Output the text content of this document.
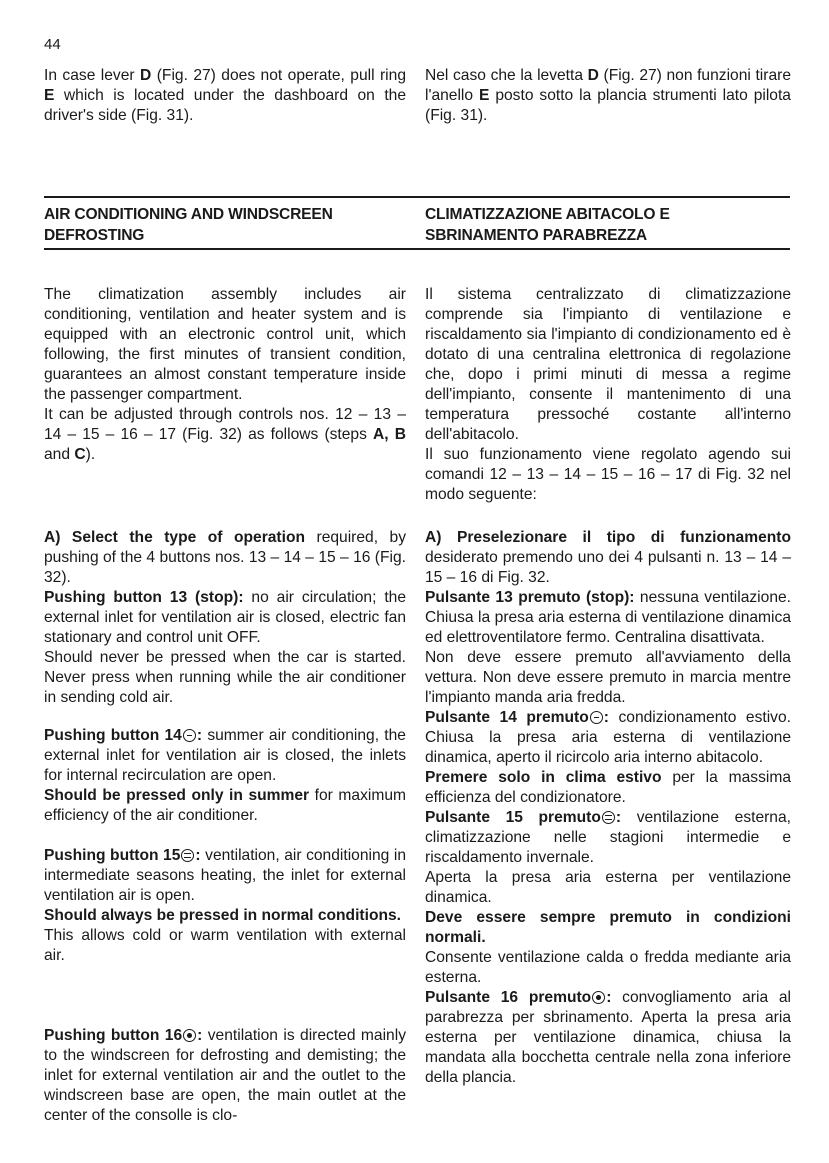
44

In case lever D (Fig. 27) does not operate, pull ring E which is located under the dashboard on the driver's side (Fig. 31).

Nel caso che la levetta D (Fig. 27) non funzioni tirare l'anello E posto sotto la plancia strumenti lato pilota (Fig. 31).

AIR CONDITIONING AND WINDSCREEN
DEFROSTING
CLIMATIZZAZIONE ABITACOLO E
SBRINAMENTO PARABREZZA

The climatization assembly includes air conditioning, ventilation and heater system and is equipped with an electronic control unit, which following, the first minutes of transient condition, guarantees an almost constant temperature inside the passenger compartment.

It can be adjusted through controls nos. 12 – 13 – 14 – 15 – 16 – 17 (Fig. 32) as follows (steps A, B and C).

A) Select the type of operation required, by pushing of the 4 buttons nos. 13 – 14 – 15 – 16 (Fig. 32).

Pushing button 13 (stop): no air circulation; the external inlet for ventilation air is closed, electric fan stationary and control unit OFF.

Should never be pressed when the car is started. Never press when running while the air conditioner in sending cold air.

Pushing button 14 : summer air conditioning, the external inlet for ventilation air is closed, the inlets for internal recirculation are open.

Should be pressed only in summer for maximum efficiency of the air conditioner.

Pushing button 15 : ventilation, air conditioning in intermediate seasons heating, the inlet for external ventilation air is open.

Should always be pressed in normal conditions.

This allows cold or warm ventilation with external air.

Pushing button 16 : ventilation is directed mainly to the windscreen for defrosting and demisting; the inlet for external ventilation air and the outlet to the windscreen base are open, the main outlet at the center of the consolle is clo-

Il sistema centralizzato di climatizzazione comprende sia l'impianto di ventilazione e riscaldamento sia l'impianto di condizionamento ed è dotato di una centralina elettronica di regolazione che, dopo i primi minuti di messa a regime dell'impianto, consente il mantenimento di una temperatura pressoché costante all'interno dell'abitacolo.

Il suo funzionamento viene regolato agendo sui comandi 12 – 13 – 14 – 15 – 16 – 17 di Fig. 32 nel modo seguente:

A) Preselezionare il tipo di funzionamento desiderato premendo uno dei 4 pulsanti n. 13 – 14 – 15 – 16 di Fig. 32.

Pulsante 13 premuto (stop): nessuna ventilazione. Chiusa la presa aria esterna di ventilazione dinamica ed elettroventilatore fermo. Centralina disattivata.

Non deve essere premuto all'avviamento della vettura. Non deve essere premuto in marcia mentre l'impianto manda aria fredda.

Pulsante 14 premuto : condizionamento estivo. Chiusa la presa aria esterna di ventilazione dinamica, aperto il ricircolo aria interno abitacolo.

Premere solo in clima estivo per la massima efficienza del condizionatore.

Pulsante 15 premuto : ventilazione esterna, climatizzazione nelle stagioni intermedie e riscaldamento invernale.

Aperta la presa aria esterna per ventilazione dinamica.

Deve essere sempre premuto in condizioni normali.

Consente ventilazione calda o fredda mediante aria esterna.

Pulsante 16 premuto : convogliamento aria al parabrezza per sbrinamento. Aperta la presa aria esterna per ventilazione dinamica, chiusa la mandata alla bocchetta centrale nella zona inferiore della plancia.
